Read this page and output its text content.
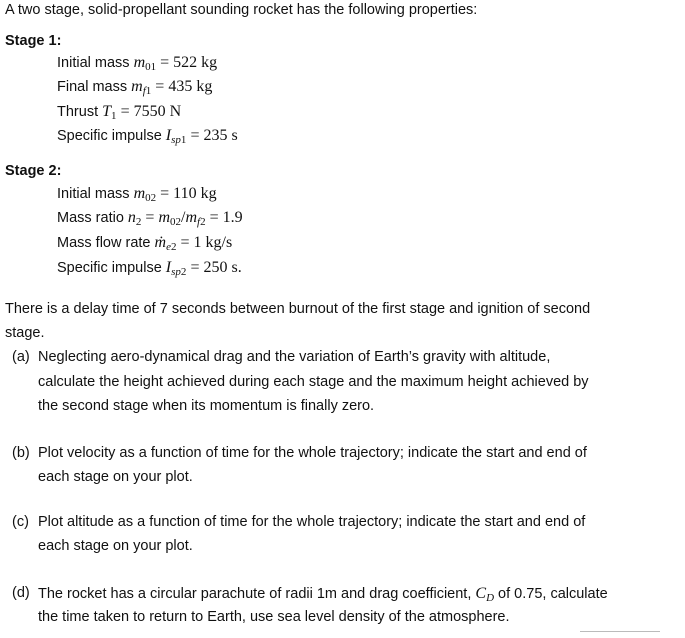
A two stage, solid-propellant sounding rocket has the following properties:
Stage 1:
Initial mass $m_{01} = 522$ kg
Final mass $mf_1 = 435$ kg
Thrust $T_1 = 7550$ N
Specific impulse Isp$_1$ = 235 s
Stage 2:
Initial mass $m_{02} = 110$ kg
Mass ratio $n_2 = m_{02}/mf_2 = 1.9$
Mass flow rate ṁe$_2$ = 1 kg/s
Specific impulse Isp$_2$ = 250 s.
There is a delay time of 7 seconds between burnout of the first stage and ignition of second
stage.
(a) Neglecting aero-dynamical drag and the variation of Earth’s gravity with altitude,
calculate the height achieved during each stage and the maximum height achieved by
the second stage when its momentum is finally zero.
(b) Plot velocity as a function of time for the whole trajectory; indicate the start and end of
each stage on your plot.
(c) Plot altitude as a function of time for the whole trajectory; indicate the start and end of
each stage on your plot.
(d) The rocket has a circular parachute of radii 1m and drag coefficient, CD of 0.75, calculate
the time taken to return to Earth, use sea level density of the atmosphere.
